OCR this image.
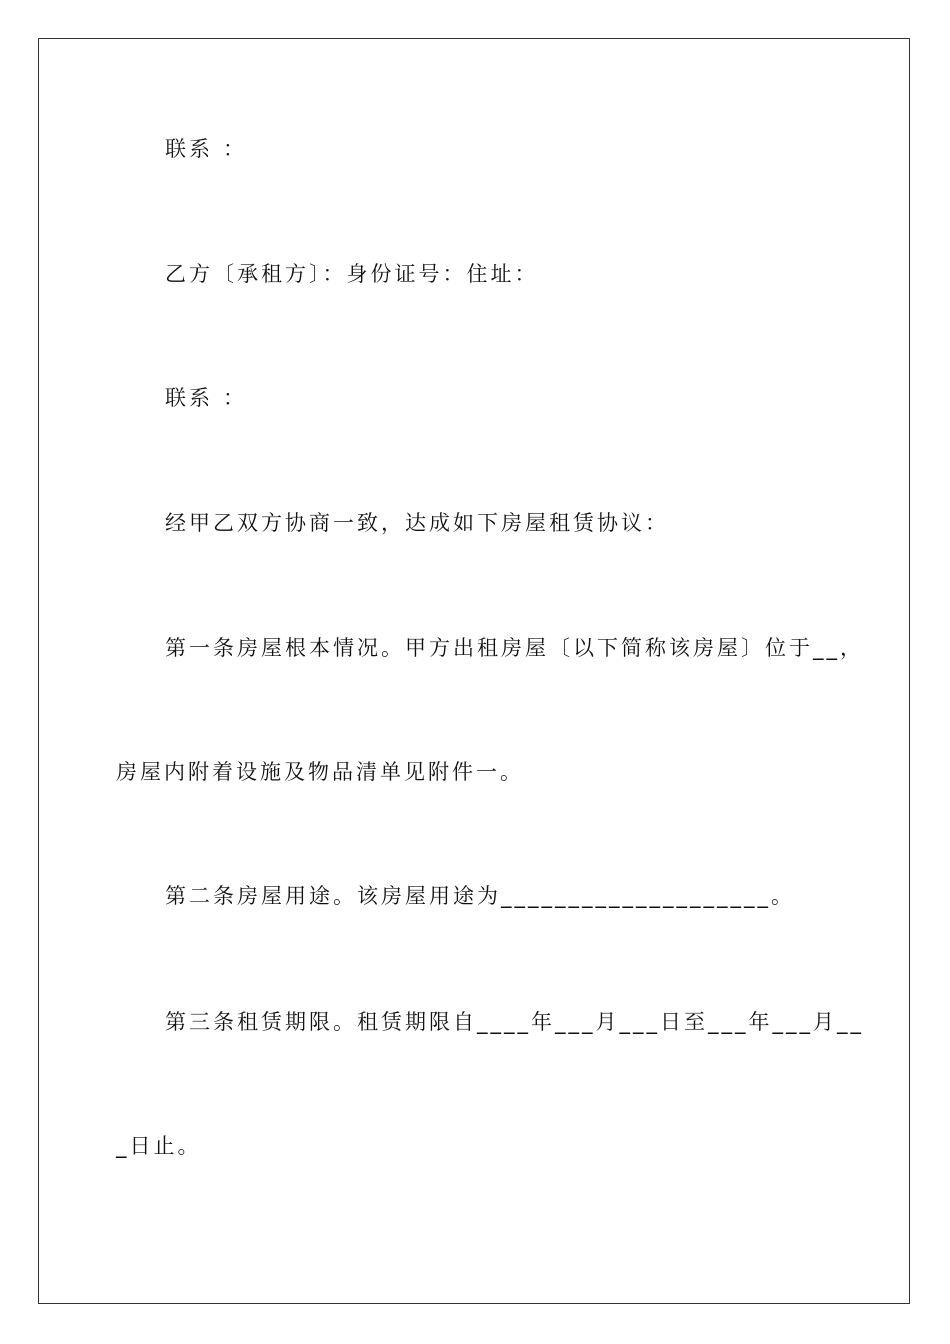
联系 ：
乙方〔承租方〕：身份证号：住址：
联系 ：
经甲乙双方协商一致，达成如下房屋租赁协议：
第一条房屋根本情况。甲方出租房屋〔以下简称该房屋〕位于__，
房屋内附着设施及物品清单见附件一。
第二条房屋用途。该房屋用途为____________________。
第三条租赁期限。租赁期限自____年___月___日至___年___月__
_日止。
